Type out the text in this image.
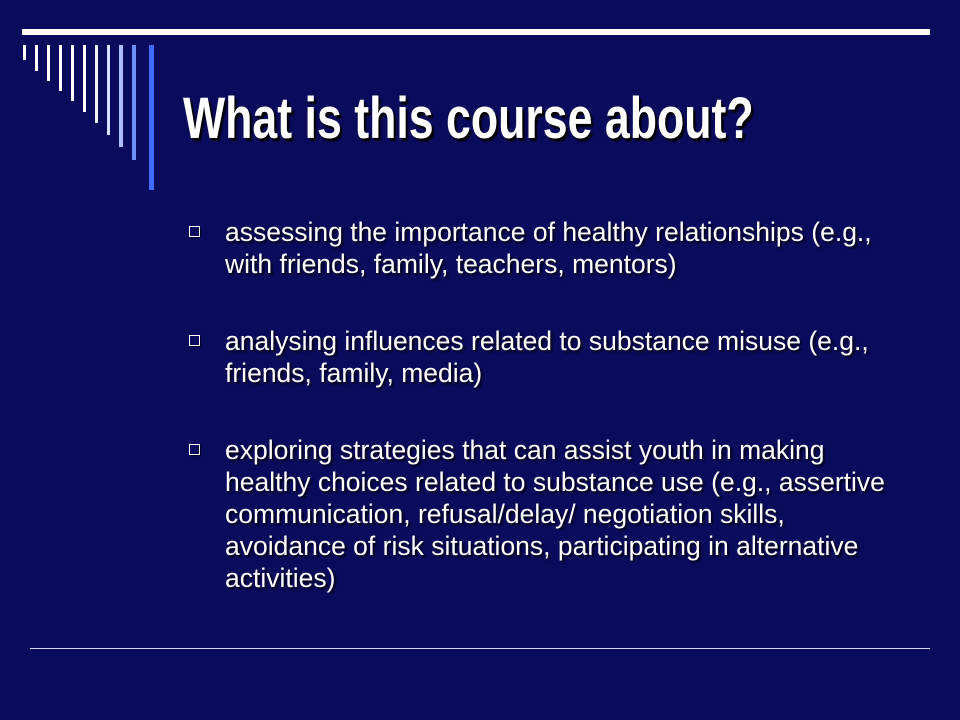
What is this course about?
assessing the importance of healthy relationships (e.g., with friends, family, teachers, mentors)
analysing influences related to substance misuse (e.g., friends, family, media)
exploring strategies that can assist youth in making healthy choices related to substance use (e.g., assertive communication, refusal/delay/ negotiation skills, avoidance of risk situations, participating in alternative activities)
